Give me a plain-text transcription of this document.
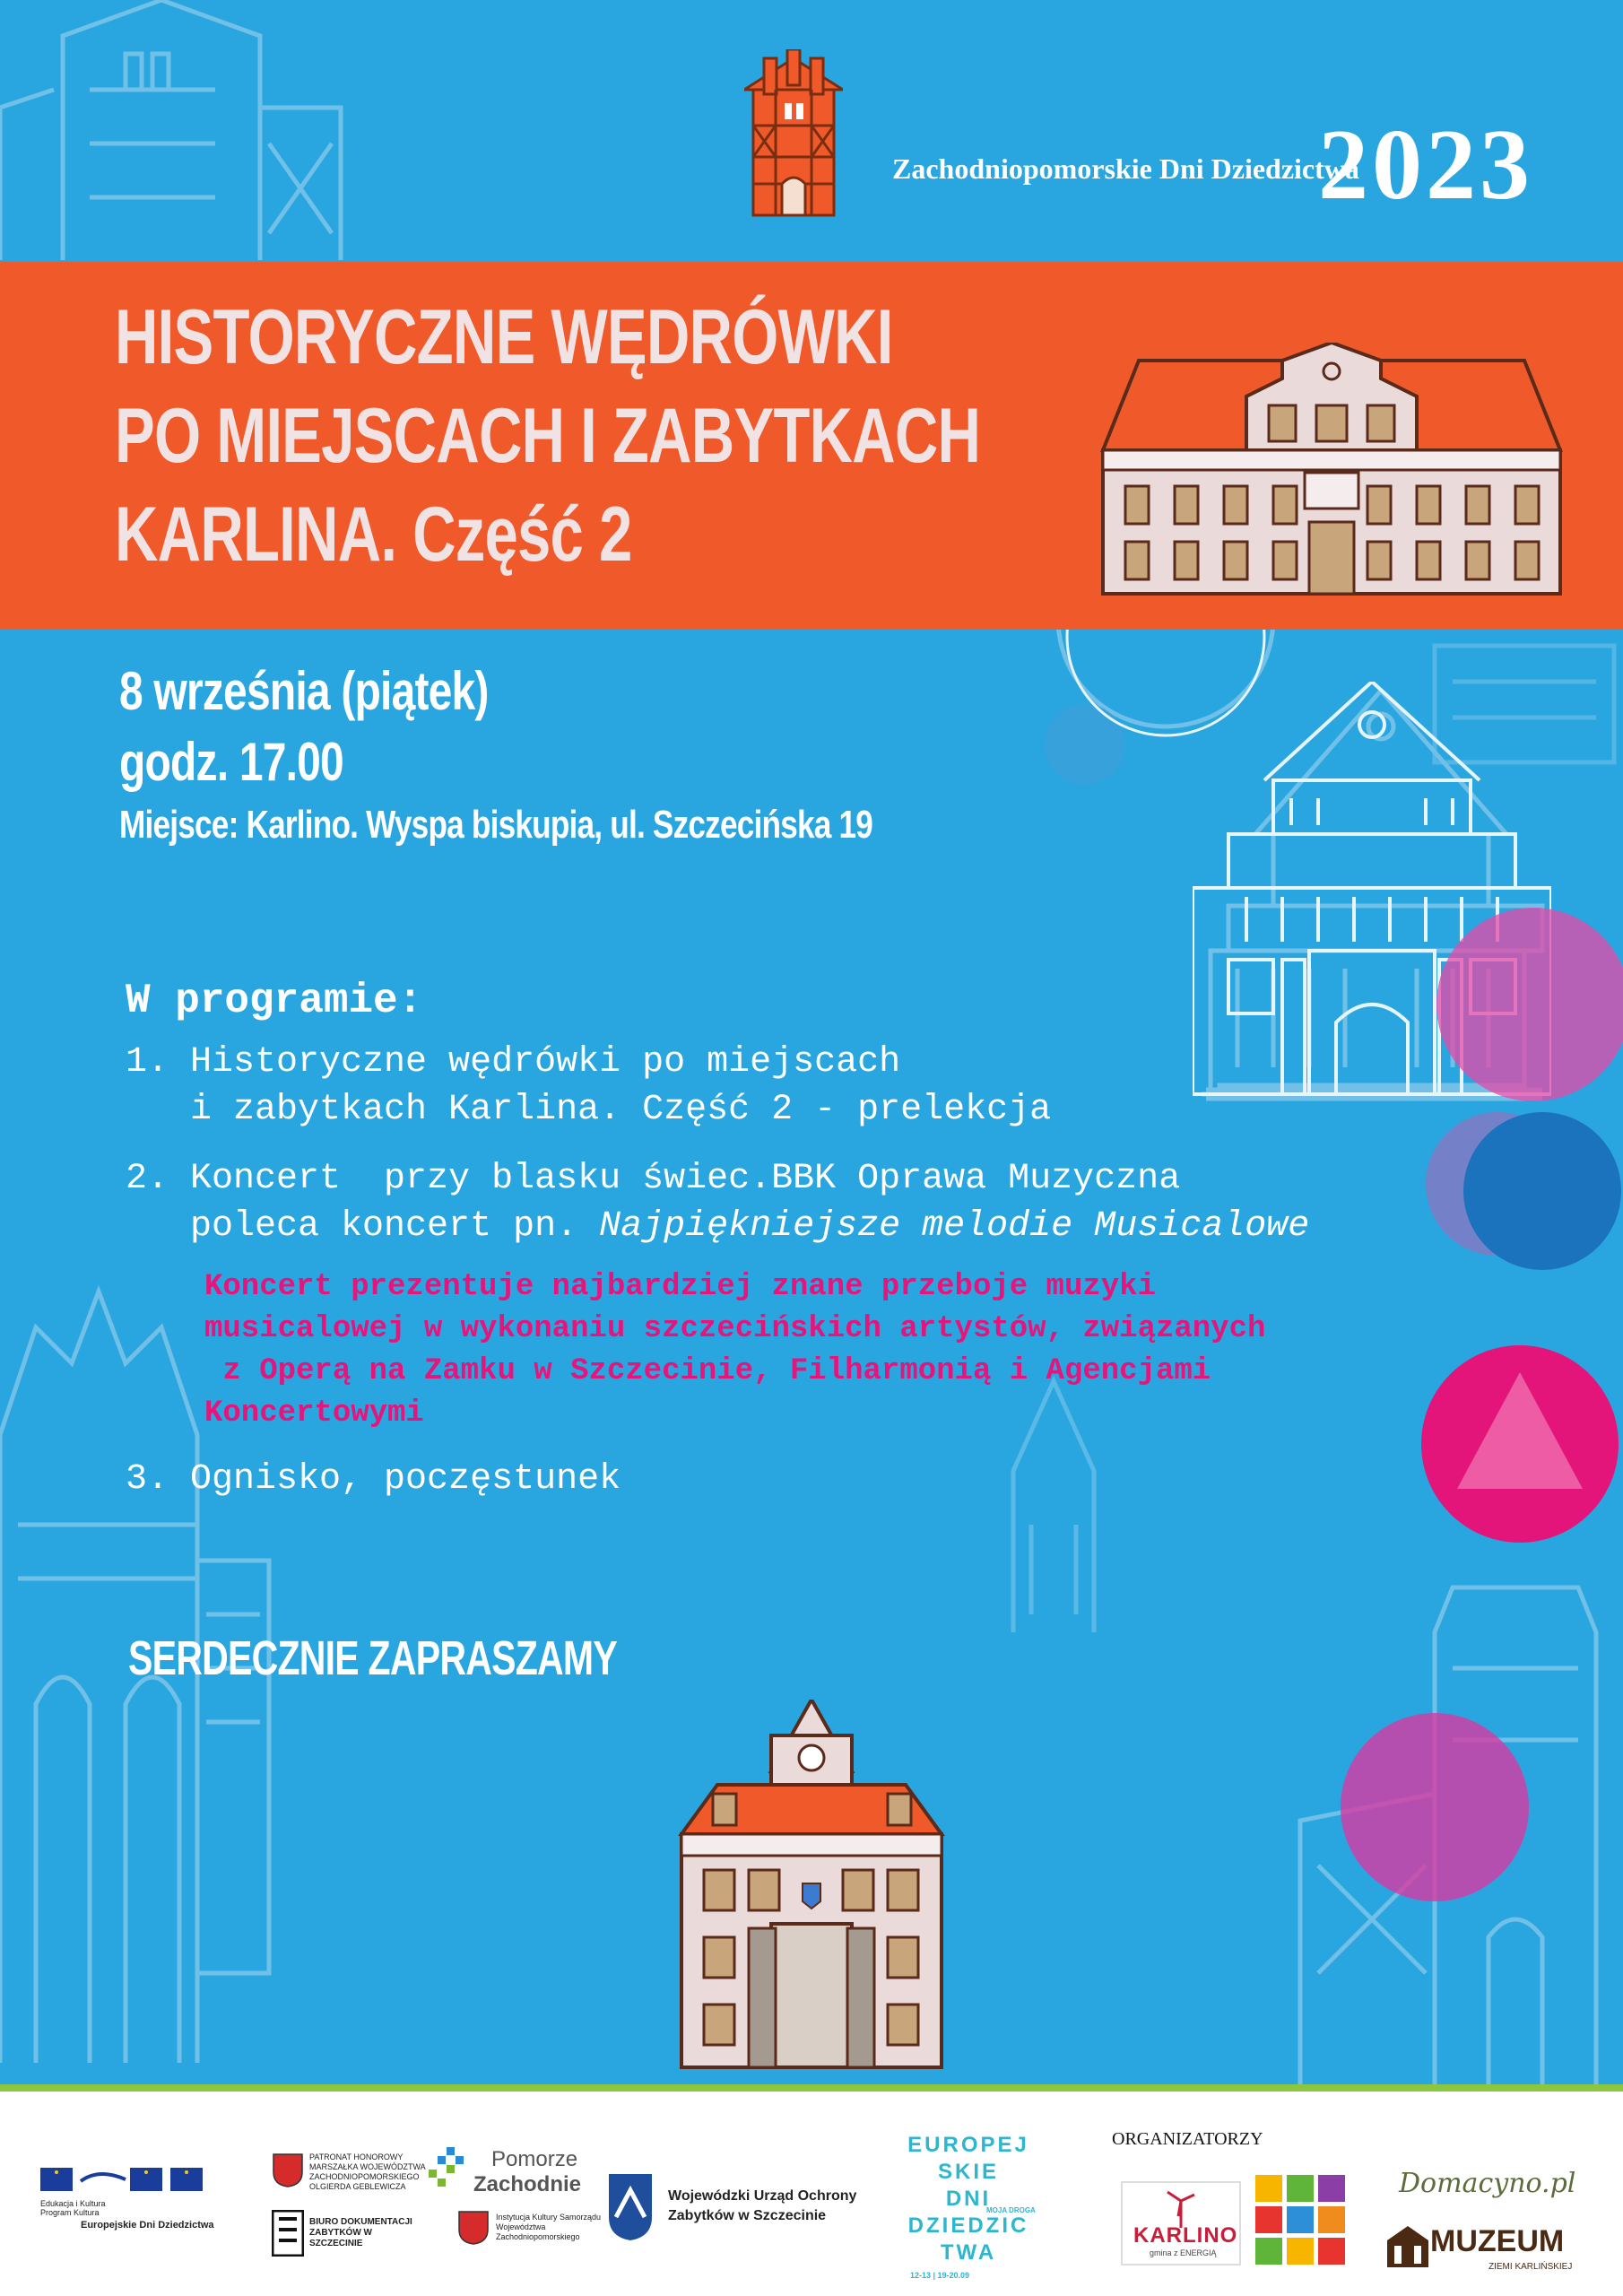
Zachodniopomorskie Dni Dziedzictwa
2023
HISTORYCZNE WĘDRÓWKI
PO MIEJSCACH I ZABYTKACH
KARLINA. Część 2
8 września (piątek)
godz. 17.00
Miejsce: Karlino. Wyspa biskupia, ul. Szczecińska 19
W programie:
1. Historyczne wędrówki po miejscach
i zabytkach Karlina. Część 2 - prelekcja
2. Koncert  przy blasku świec.BBK Oprawa Muzyczna
poleca koncert pn. Najpiękniejsze melodie Musicalowe
Koncert prezentuje najbardziej znane przeboje muzyki
musicalowej w wykonaniu szczecińskich artystów, związanych
z Operą na Zamku w Szczecinie, Filharmonią i Agencjami
Koncertowymi
3. Ognisko, poczęstunek
SERDECZNIE ZAPRASZAMY
Edukacja i Kultura Program Kultura
Europejskie Dni Dziedzictwa
PATRONAT HONOROWY MARSZAŁKA WOJEWÓDZTWA ZACHODNIOPOMORSKIEGO OLGIERDA GEBLEWICZA
BIURO DOKUMENTACJI ZABYTKÓW W SZCZECINIE
Pomorze
Zachodnie
Instytucja Kultury Samorządu Województwa Zachodniopomorskiego
Wojewódzki Urząd Ochrony
Zabytków w Szczecinie
EUROPEJ
SKIE
DNI
DZIEDZIC
TWA
MOJA DROGA
12-13 | 19-20.09
ORGANIZATORZY
KARLINO
gmina z ENERGIĄ
Domacyno.pl
MUZEUM
ZIEMI KARLIŃSKIEJ
